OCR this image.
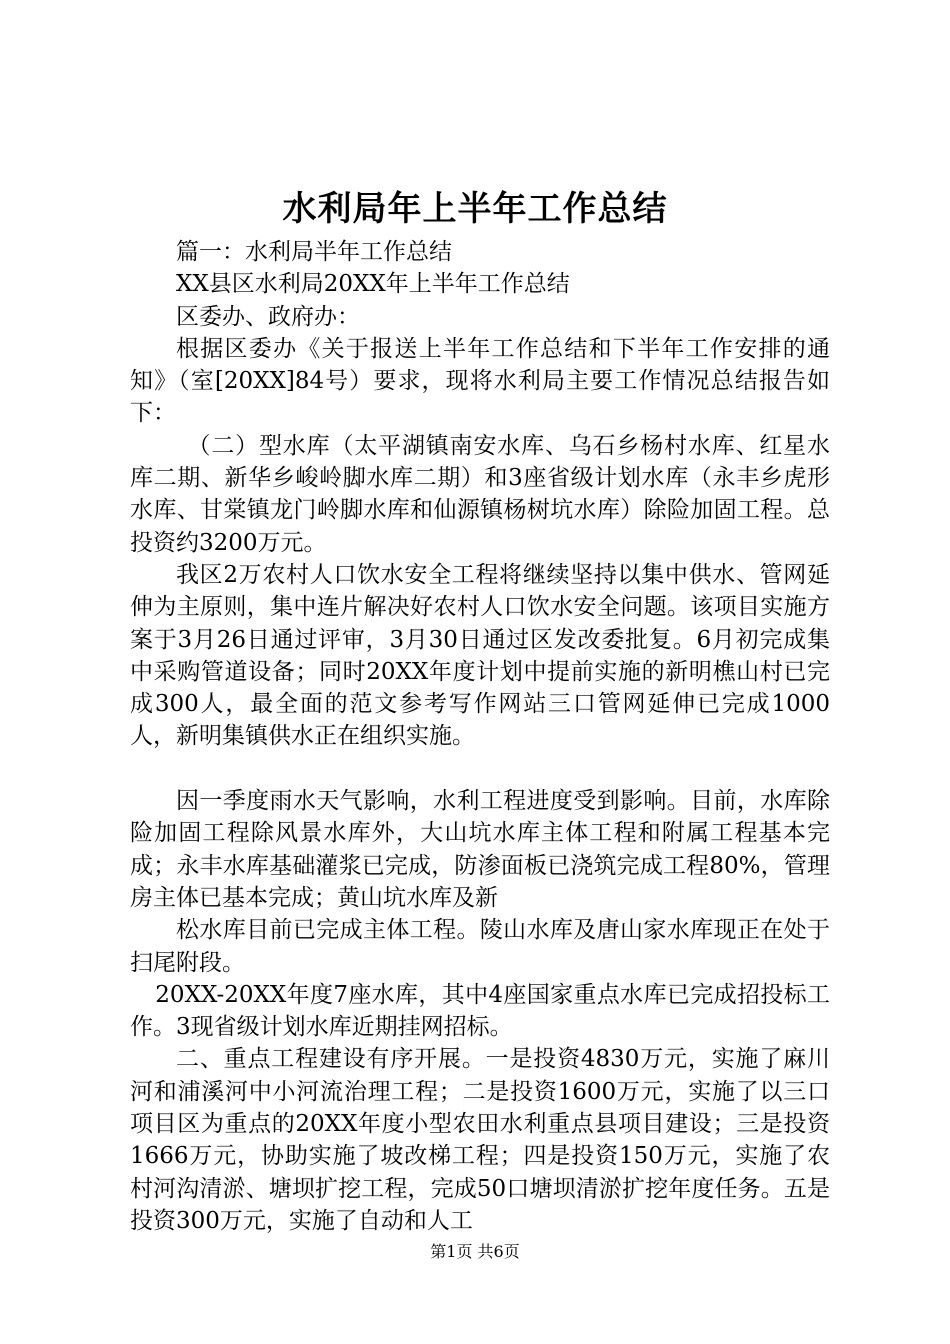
水利局年上半年工作总结

篇一：水利局半年工作总结

XX县区水利局20XX年上半年工作总结

区委办、政府办：

根据区委办《关于报送上半年工作总结和下半年工作安排的通知》（室[20XX]84号）要求，现将水利局主要工作情况总结报告如下：

（二）型水库（太平湖镇南安水库、乌石乡杨村水库、红星水库二期、新华乡峻岭脚水库二期）和3座省级计划水库（永丰乡虎形水库、甘棠镇龙门岭脚水库和仙源镇杨树坑水库）除险加固工程。总投资约3200万元。

我区2万农村人口饮水安全工程将继续坚持以集中供水、管网延伸为主原则，集中连片解决好农村人口饮水安全问题。该项目实施方案于3月26日通过评审，3月30日通过区发改委批复。6月初完成集中采购管道设备；同时20XX年度计划中提前实施的新明樵山村已完成300人，最全面的范文参考写作网站三口管网延伸已完成1000人，新明集镇供水正在组织实施。

因一季度雨水天气影响，水利工程进度受到影响。目前，水库除险加固工程除风景水库外，大山坑水库主体工程和附属工程基本完成；永丰水库基础灌浆已完成，防渗面板已浇筑完成工程80%，管理房主体已基本完成；黄山坑水库及新

松水库目前已完成主体工程。陵山水库及唐山家水库现正在处于扫尾附段。

20XX-20XX年度7座水库，其中4座国家重点水库已完成招投标工作。3现省级计划水库近期挂网招标。

二、重点工程建设有序开展。一是投资4830万元，实施了麻川河和浦溪河中小河流治理工程；二是投资1600万元，实施了以三口项目区为重点的20XX年度小型农田水利重点县项目建设；三是投资1666万元，协助实施了坡改梯工程；四是投资150万元，实施了农村河沟清淤、塘坝扩挖工程，完成50口塘坝清淤扩挖年度任务。五是投资300万元，实施了自动和人工

第1页 共6页
